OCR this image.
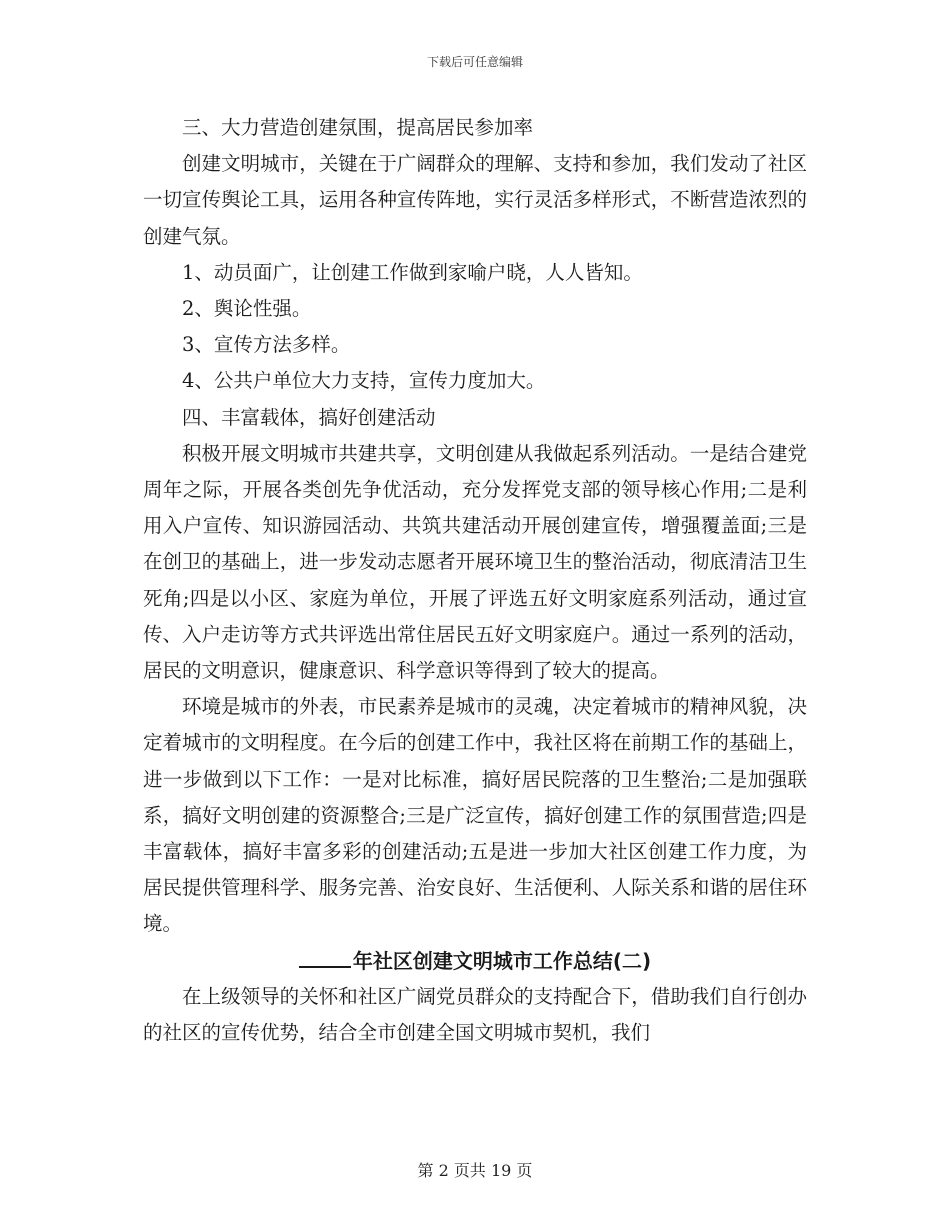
下载后可任意编辑

三、大力营造创建氛围，提高居民参加率

创建文明城市，关键在于广阔群众的理解、支持和参加，我们发动了社区一切宣传舆论工具，运用各种宣传阵地，实行灵活多样形式，不断营造浓烈的创建气氛。

1、动员面广，让创建工作做到家喻户晓，人人皆知。

2、舆论性强。

3、宣传方法多样。

4、公共户单位大力支持，宣传力度加大。

四、丰富载体，搞好创建活动

积极开展文明城市共建共享，文明创建从我做起系列活动。一是结合建党周年之际，开展各类创先争优活动，充分发挥党支部的领导核心作用;二是利用入户宣传、知识游园活动、共筑共建活动开展创建宣传，增强覆盖面;三是在创卫的基础上，进一步发动志愿者开展环境卫生的整治活动，彻底清洁卫生死角;四是以小区、家庭为单位，开展了评选五好文明家庭系列活动，通过宣传、入户走访等方式共评选出常住居民五好文明家庭户。通过一系列的活动，居民的文明意识，健康意识、科学意识等得到了较大的提高。

环境是城市的外表，市民素养是城市的灵魂，决定着城市的精神风貌，决定着城市的文明程度。在今后的创建工作中，我社区将在前期工作的基础上，进一步做到以下工作：一是对比标准，搞好居民院落的卫生整治;二是加强联系，搞好文明创建的资源整合;三是广泛宣传，搞好创建工作的氛围营造;四是丰富载体，搞好丰富多彩的创建活动;五是进一步加大社区创建工作力度，为居民提供管理科学、服务完善、治安良好、生活便利、人际关系和谐的居住环境。

年社区创建文明城市工作总结(二)

在上级领导的关怀和社区广阔党员群众的支持配合下，借助我们自行创办的社区的宣传优势，结合全市创建全国文明城市契机，我们

第 2 页共 19 页
